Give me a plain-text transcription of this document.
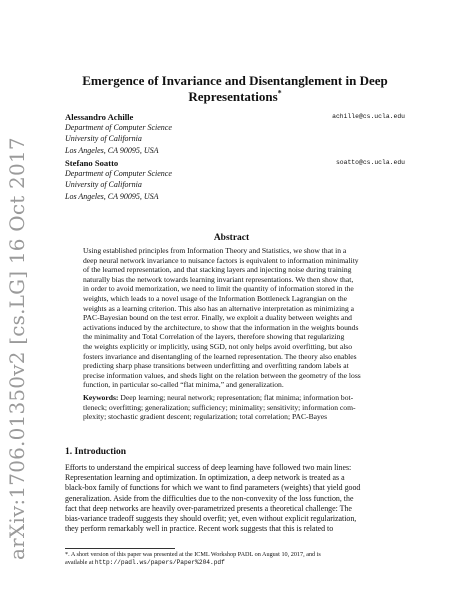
arXiv:1706.01350v2 [cs.LG] 16 Oct 2017
Emergence of Invariance and Disentanglement in Deep
Representations*
Alessandro Achille	achille@cs.ucla.edu
Department of Computer Science
University of California
Los Angeles, CA 90095, USA
Stefano Soatto	soatto@cs.ucla.edu
Department of Computer Science
University of California
Los Angeles, CA 90095, USA
Abstract
Using established principles from Information Theory and Statistics, we show that in a
deep neural network invariance to nuisance factors is equivalent to information minimality
of the learned representation, and that stacking layers and injecting noise during training
naturally bias the network towards learning invariant representations. We then show that,
in order to avoid memorization, we need to limit the quantity of information stored in the
weights, which leads to a novel usage of the Information Bottleneck Lagrangian on the
weights as a learning criterion. This also has an alternative interpretation as minimizing a
PAC-Bayesian bound on the test error. Finally, we exploit a duality between weights and
activations induced by the architecture, to show that the information in the weights bounds
the minimality and Total Correlation of the layers, therefore showing that regularizing
the weights explicitly or implicitly, using SGD, not only helps avoid overfitting, but also
fosters invariance and disentangling of the learned representation. The theory also enables
predicting sharp phase transitions between underfitting and overfitting random labels at
precise information values, and sheds light on the relation between the geometry of the loss
function, in particular so-called “flat minima,” and generalization.
Keywords: Deep learning; neural network; representation; flat minima; information bot-
tleneck; overfitting; generalization; sufficiency; minimality; sensitivity; information com-
plexity; stochastic gradient descent; regularization; total correlation; PAC-Bayes
1. Introduction
Efforts to understand the empirical success of deep learning have followed two main lines:
Representation learning and optimization. In optimization, a deep network is treated as a
black-box family of functions for which we want to find parameters (weights) that yield good
generalization. Aside from the difficulties due to the non-convexity of the loss function, the
fact that deep networks are heavily over-parametrized presents a theoretical challenge: The
bias-variance tradeoff suggests they should overfit; yet, even without explicit regularization,
they perform remarkably well in practice. Recent work suggests that this is related to
*. A short version of this paper was presented at the ICML Workshop PADL on August 10, 2017, and is
available at http://padl.ws/papers/Paper%204.pdf
